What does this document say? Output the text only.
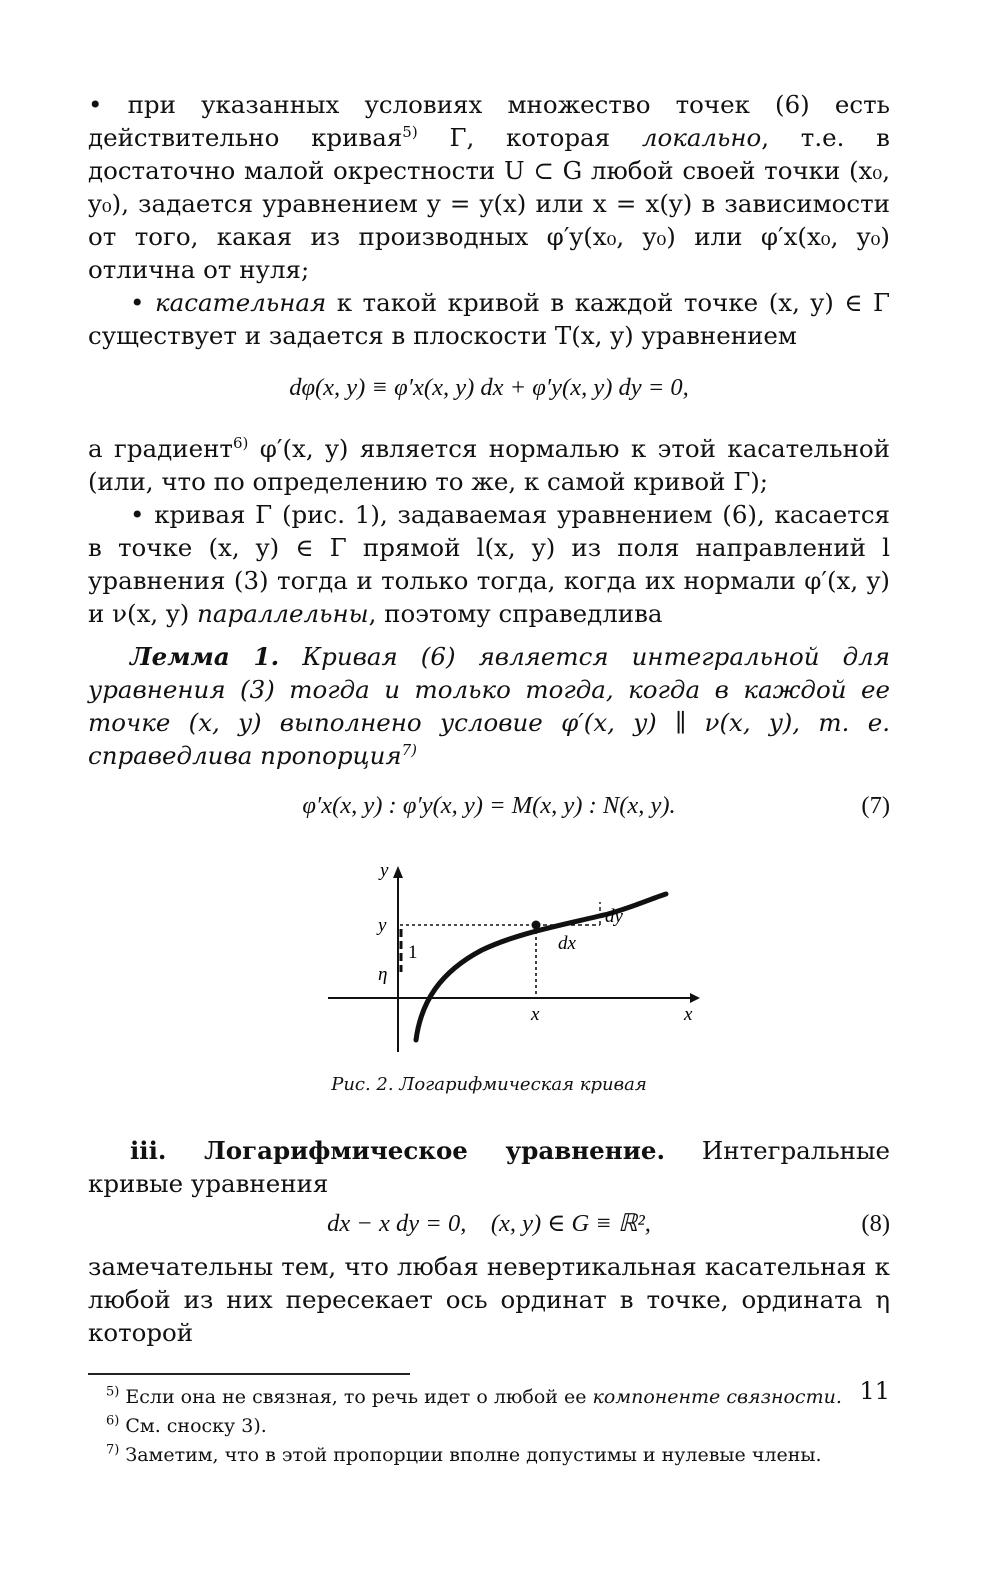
• при указанных условиях множество точек (6) есть действительно кривая$^{5)}$ Γ, которая локально, т.е. в достаточно малой окрестности U ⊂ G любой своей точки (x₀, y₀), задается уравнением y = y(x) или x = x(y) в зависимости от того, какая из производных φ′y(x₀, y₀) или φ′x(x₀, y₀) отлична от нуля;

• касательная к такой кривой в каждой точке (x, y) ∈ Γ существует и задается в плоскости T(x, y) уравнением

dφ(x, y) ≡ φ′x(x, y) dx + φ′y(x, y) dy = 0,

а градиент$^{6)}$ φ′(x, y) является нормалью к этой касательной (или, что по определению то же, к самой кривой Γ);

• кривая Γ (рис. 1), задаваемая уравнением (6), касается в точке (x, y) ∈ Γ прямой l(x, y) из поля направлений l уравнения (3) тогда и только тогда, когда их нормали φ′(x, y) и ν(x, y) параллельны, поэтому справедлива

Лемма 1. Кривая (6) является интегральной для уравнения (3) тогда и только тогда, когда в каждой ее точке (x, y) выполнено условие φ′(x, y) ∥ ν(x, y), т. е. справедлива пропорция$^{7)}$

φ′x(x, y) : φ′y(x, y) = M(x, y) : N(x, y).	(7)
y
x
y
x
η
1	dx
dy
Рис. 2. Логарифмическая кривая

iii. Логарифмическое уравнение. Интегральные кривые уравнения

dx − x dy = 0,    (x, y) ∈ G ≡ ℝ²,	(8)

замечательны тем, что любая невертикальная касательная к любой из них пересекает ось ординат в точке, ордината η которой

$^{5)}$ Если она не связная, то речь идет о любой ее компоненте связности.
$^{6)}$ См. сноску 3).
$^{7)}$ Заметим, что в этой пропорции вполне допустимы и нулевые члены.
11
